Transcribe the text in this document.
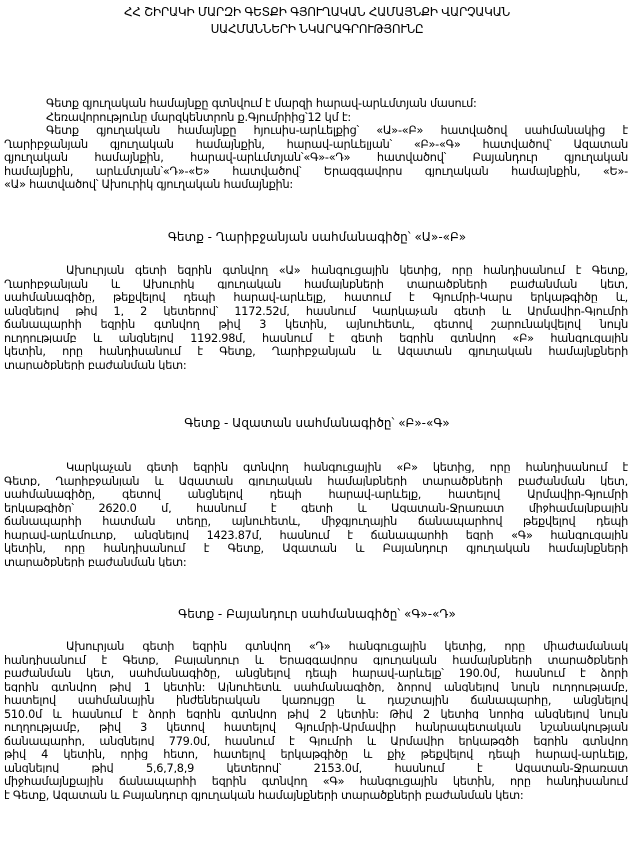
ՀՀ ՇԻՐԱԿԻ ՄԱՐԶԻ ԳԵՏՔԻ ԳՅՈՒՂԱԿԱՆ ՀԱՄԱՅՆՔԻ ՎԱՐՉԱԿԱՆ
ՍԱՀՄԱՆՆԵՐԻ ՆԿԱՐԱԳՐՈՒԹՅՈՒՆԸ
Գետք գյուղական համայնքը գտնվում է մարզի հարավ-արևմտյան մասում:
Հեռավորությունը մարզկենտրոն ք.Գյումրիից՝12 կմ է:
Գետք գյուղական համայնքը հյուսիս-արևելքից՝ «Ա»-«Բ» հատվածով սահմանակից է
Ղարիբջանյան գյուղական համայնքին, հարավ-արևելյան՝ «Բ»-«Գ» հատվածով՝ Ազատան
գյուղական համայնքին, հարավ-արևմտյան՝«Գ»-«Դ» հատվածով՝ Բայանդուր գյուղական
համայնքին, արևմտյան՝«Դ»-«Ե» հատվածով՝ Երազգավորս գյուղական համայնքին, «Ե»-
«Ա» հատվածով՝ Ախուրիկ գյուղական համայնքին:
Գետք - Ղարիբջանյան սահմանագիծը՝ «Ա»-«Բ»
Ախուրյան գետի եզրին գտնվող «Ա» հանգուցային կետից, որը հանդիսանում է Գետք,
Ղարիբջանյան և Ախուրիկ գյուղական համայնքների տարածքների բաժանման կետ,
սահմանագիծը, թեքվելով դեպի հարավ-արևելք, հատում է Գյումրի-Կարս երկաթգիծը և,
անցնելով թիվ 1, 2 կետերով՝ 1172.52մ, հասնում Կարկաչան գետի և Արմավիր-Գյումրի
ճանապարհի եզրին գտնվող թիվ 3 կետին, այնուհետև, գետով շարունակվելով նույն
ուղղությամբ և անցնելով 1192.98մ, հասնում է գետի եզրին գտնվող «Բ» հանգուցային
կետին, որը հանդիսանում է Գետք, Ղարիբջանյան և Ազատան գյուղական համայնքների
տարածքների բաժանման կետ:
Գետք - Ազատան սահմանագիծը՝ «Բ»-«Գ»
Կարկաչան գետի եզրին գտնվող հանգուցային «Բ» կետից, որը հանդիսանում է
Գետք, Ղարիբջանյան և Ազատան գյուղական համայնքների տարածքների բաժանման կետ,
սահմանագիծը, գետով անցնելով դեպի հարավ-արևելք, հատելով Արմավիր-Գյումրի
երկաթգիծը՝ 2620.0 մ, հասնում է գետի և Ազատան-Ջրառատ միջհամայնքային
ճանապարհի հատման տեղը, այնուհետև, միջգյուղային ճանապարհով թեքվելով դեպի
հարավ-արևմուտք, անցնելով 1423.87մ, հասնում է ճանապարհի եզրի «Գ» հանգուցային
կետին, որը հանդիսանում է Գետք, Ազատան և Բայանդուր գյուղական համայնքների
տարածքների բաժանման կետ:
Գետք - Բայանդուր սահմանագիծը՝ «Գ»-«Դ»
Ախուրյան գետի եզրին գտնվող «Դ» հանգուցային կետից, որը միաժամանակ
հանդիսանում է Գետք, Բայանդուր և Երազգավորս գյուղական համայնքների տարածքների
բաժանման կետ, սահմանագիծը, անցնելով դեպի հարավ-արևելք՝ 190.0մ, հասնում է ձորի
եզրին գտնվող թիվ 1 կետին: Այնուհետև սահմանագիծը, ձորով անցնելով նույն ուղղությամբ,
հատելով սահմանային ինժեներական կառույցը և դաշտային ճանապարհը, անցնելով
510.0մ և հասնում է ձորի եզրին գտնվող թիվ 2 կետին: Թիվ 2 կետից նորից անցնելով նույն
ուղղությամբ, թիվ 3 կետով հատելով Գյումրի-Արմավիր հանրապետական նշանակության
ճանապարհը, անցնելով 779.0մ, հասնում է Գյումրի և Արմավիր երկաթգծի եզրին գտնվող
թիվ 4 կետին, որից հետո, հատելով երկաթգիծը և քիչ թեքվելով դեպի հարավ-արևելք,
անցնելով թիվ 5,6,7,8,9 կետերով՝ 2153.0մ, հասնում է Ազատան-Ջրառատ
միջհամայնքային ճանապարհի եզրին գտնվող «Գ» հանգուցային կետին, որը հանդիսանում
է Գետք, Ազատան և Բայանդուր գյուղական համայնքների տարածքների բաժանման կետ:
